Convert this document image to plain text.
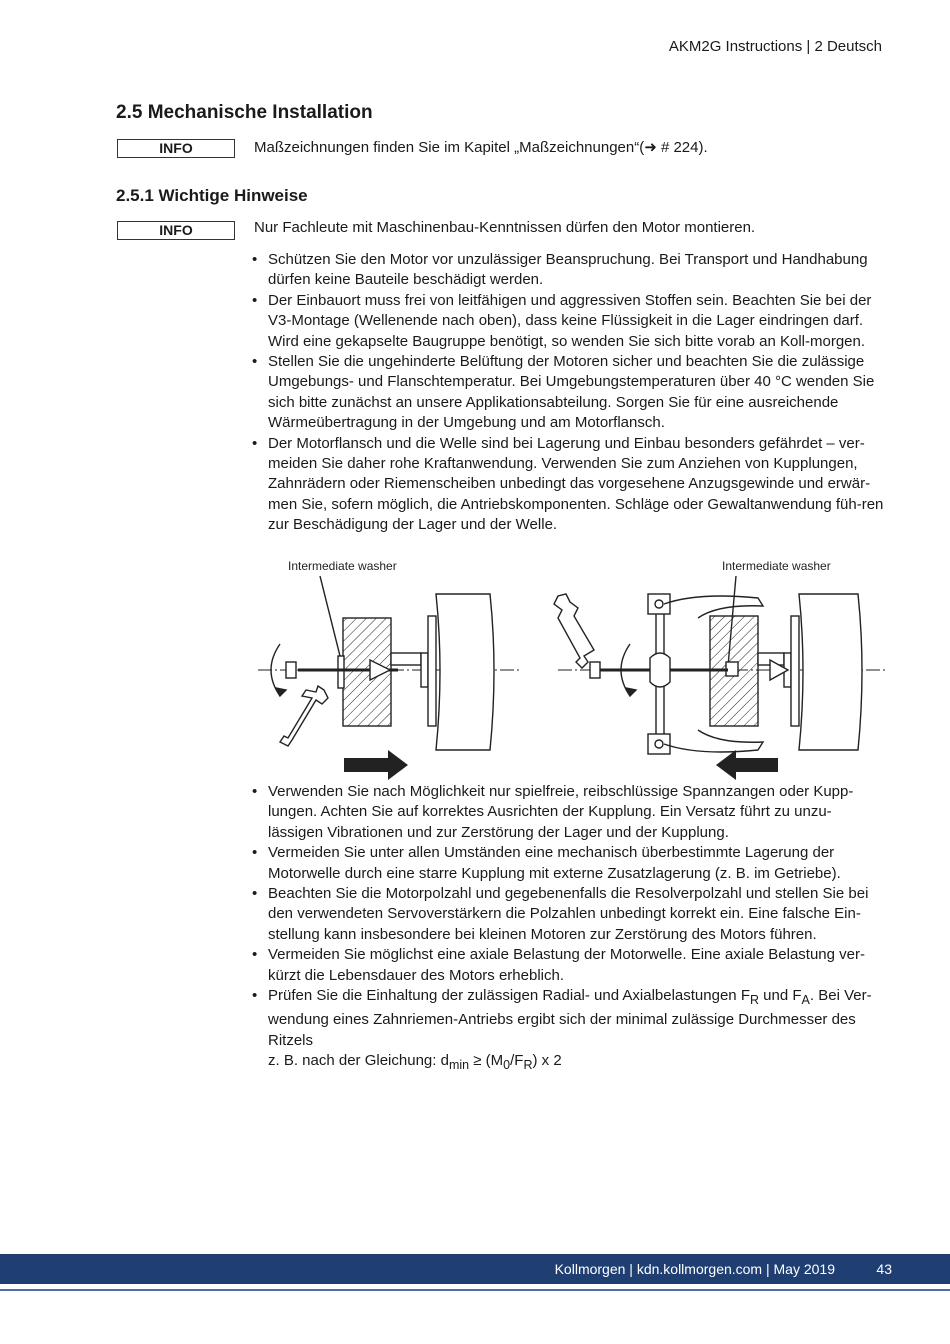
AKM2G Instructions | 2 Deutsch
2.5 Mechanische Installation
INFO	Maßzeichnungen finden Sie im Kapitel „Maßzeichnungen“(➜ # 224).
2.5.1 Wichtige Hinweise
INFO	Nur Fachleute mit Maschinenbau-Kenntnissen dürfen den Motor montieren.
• Schützen Sie den Motor vor unzulässiger Beanspruchung. Bei Transport und Handhabung dürfen keine Bauteile beschädigt werden.
• Der Einbauort muss frei von leitfähigen und aggressiven Stoffen sein. Beachten Sie bei der V3-Montage (Wellenende nach oben), dass keine Flüssigkeit in die Lager eindringen darf. Wird eine gekapselte Baugruppe benötigt, so wenden Sie sich bitte vorab an Koll-morgen.
• Stellen Sie die ungehinderte Belüftung der Motoren sicher und beachten Sie die zulässige Umgebungs- und Flanschtemperatur. Bei Umgebungstemperaturen über 40 °C wenden Sie sich bitte zunächst an unsere Applikationsabteilung. Sorgen Sie für eine ausreichende Wärmeübertragung in der Umgebung und am Motorflansch.
• Der Motorflansch und die Welle sind bei Lagerung und Einbau besonders gefährdet – ver-meiden Sie daher rohe Kraftanwendung. Verwenden Sie zum Anziehen von Kupplungen, Zahnrädern oder Riemenscheiben unbedingt das vorgesehene Anzugsgewinde und erwär-men Sie, sofern möglich, die Antriebskomponenten. Schläge oder Gewaltanwendung füh-ren zur Beschädigung der Lager und der Welle.
Intermediate washer	Intermediate washer
• Verwenden Sie nach Möglichkeit nur spielfreie, reibschlüssige Spannzangen oder Kupp-lungen. Achten Sie auf korrektes Ausrichten der Kupplung. Ein Versatz führt zu unzu-lässigen Vibrationen und zur Zerstörung der Lager und der Kupplung.
• Vermeiden Sie unter allen Umständen eine mechanisch überbestimmte Lagerung der Motorwelle durch eine starre Kupplung mit externe Zusatzlagerung (z. B. im Getriebe).
• Beachten Sie die Motorpolzahl und gegebenenfalls die Resolverpolzahl und stellen Sie bei den verwendeten Servoverstärkern die Polzahlen unbedingt korrekt ein. Eine falsche Ein-stellung kann insbesondere bei kleinen Motoren zur Zerstörung des Motors führen.
• Vermeiden Sie möglichst eine axiale Belastung der Motorwelle. Eine axiale Belastung ver-kürzt die Lebensdauer des Motors erheblich.
• Prüfen Sie die Einhaltung der zulässigen Radial- und Axialbelastungen $F_R$ und $F_A$. Bei Ver-wendung eines Zahnriemen-Antriebs ergibt sich der minimal zulässige Durchmesser des Ritzels
z. B. nach der Gleichung: $d_{min} \ge (M_0/F_R)$ x 2
Kollmorgen | kdn.kollmorgen.com | May 2019	43
